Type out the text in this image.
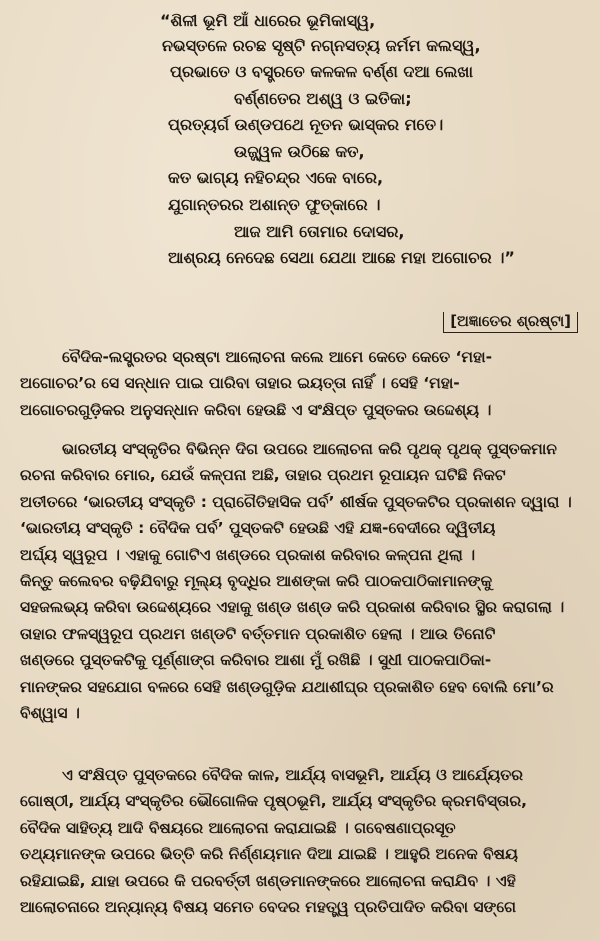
“ଶିଳୀ ଭୂମି ଆଁ ଧାରେର ଭୂମିକାସ୍ୱ,
ନଭସ୍ତଳେ ରଚଛ ସୃଷ୍ଟି ନଗ୍ନସତ୍ୟ ଜର୍ମମ କଲସ୍ୱ,
ପ୍ରଭାତେ ଓ ବସ୍ତ୍ରତେ କଳକଳ ବର୍ଣ୍ଣ ଦଆ ଲେଖା
ବର୍ଣ୍ଣତେର ଅଶ୍ୱ ଓ ଇତିକା;
ପ୍ରତ୍ୟର୍ଗ ଉଣ୍ଡପଥେ ନୂତନ ଭାସ୍କର ମତେ।
ଉଜ୍ଜ୍ୱଳ ଉଠିଛେ କତ,
କତ ଭାଗ୍ୟ ନହିଚନ୍ଦ୍ର ଏକେ ବାରେ,
ଯୁଗାନ୍ତରର ଅଶାନ୍ତ ଫୁତ୍କାରେ ।
ଆଜ ଆମି ତୋମାର ଦୋସର,
ଆଶ୍ରୟ ନେଦେଛ ସେଥା ଯେଥା ଆଛେ ମହା ଅଗୋଚର ।”
[ଅଜ୍ଞାତେର ଶ୍ରଷ୍ଟା]
ବୈଦିକ-ଲସ୍ତ୍ରତର ସ୍ରଷ୍ଟା ଆଲୋଚନା କଲେ ଆମେ କେତେ କେତେ ‘ମହା-
ଅଗୋଚର’ର ସେ ସନ୍ଧାନ ପାଇ ପାରିବା ତାହାର ଇୟତ୍ତା ନାହିଁ । ସେହି ‘ମହା-
ଅଗୋଚରଗୁଡ଼ିକର ଅନୁସନ୍ଧାନ କରିବା ହେଉଛି ଏ ସଂକ୍ଷିପ୍ତ ପୁସ୍ତକର ଉଦ୍ଦେଶ୍ୟ ।
ଭାରତୀୟ ସଂସ୍କୃତିର ବିଭିନ୍ନ ଦିଗ ଉପରେ ଆଲୋଚନା କରି ପୃଥକ୍ ପୃଥକ୍ ପୁସ୍ତକମାନ
ରଚନା କରିବାର ମୋର, ଯେଉଁ କଳ୍ପନା ଅଛି, ତାହାର ପ୍ରଥମ ରୂପାୟନ ଘଟିଛି ନିକଟ
ଅତୀତରେ ‘ଭାରତୀୟ ସଂସ୍କୃତି : ପ୍ରାଗୈତିହାସିକ ପର୍ବ’ ଶୀର୍ଷକ ପୁସ୍ତକଟିର ପ୍ରକାଶନ ଦ୍ୱାରା ।
‘ଭାରତୀୟ ସଂସ୍କୃତି : ବୈଦିକ ପର୍ବ’ ପୁସ୍ତକଟି ହେଉଛି ଏହି ଯଜ୍ଞ-ବେଦୀରେ ଦ୍ୱିତୀୟ
ଅର୍ଘ୍ୟ ସ୍ୱରୂପ । ଏହାକୁ ଗୋଟିଏ ଖଣ୍ଡରେ ପ୍ରକାଶ କରିବାର କଳ୍ପନା ଥିଲା ।
କିନ୍ତୁ କଲେବର ବଢ଼ିଯିବାରୁ ମୂଲ୍ୟ ବୃଦ୍ଧିର ଆଶଙ୍କା କରି ପାଠକପାଠିକାମାନଙ୍କୁ
ସହଜଲଭ୍ୟ କରିବା ଉଦ୍ଦେଶ୍ୟରେ ଏହାକୁ ଖଣ୍ଡ ଖଣ୍ଡ କରି ପ୍ରକାଶ କରିବାର ସ୍ଥିର କରାଗଲା ।
ତାହାର ଫଳସ୍ୱରୂପ ପ୍ରଥମ ଖଣ୍ଡଟି ବର୍ତ୍ତମାନ ପ୍ରକାଶିତ ହେଲା । ଆଉ ତିନୋଟି
ଖଣ୍ଡରେ ପୁସ୍ତକଟିକୁ ପୂର୍ଣ୍ଣାଙ୍ଗ କରିବାର ଆଶା ମୁଁ ରଖିଛି । ସୁଧୀ ପାଠକପାଠିକା-
ମାନଙ୍କର ସହଯୋଗ ବଳରେ ସେହି ଖଣ୍ଡଗୁଡ଼ିକ ଯଥାଶୀଘ୍ର ପ୍ରକାଶିତ ହେବ ବୋଲି ମୋ’ର
ବିଶ୍ୱାସ ।
ଏ ସଂକ୍ଷିପ୍ତ ପୁସ୍ତକରେ ବୈଦିକ କାଳ, ଆର୍ଯ୍ୟ ବାସଭୂମି, ଆର୍ଯ୍ୟ ଓ ଆର୍ଯ୍ୟେତର
ଗୋଷ୍ଠୀ, ଆର୍ଯ୍ୟ ସଂସ୍କୃତିର ଭୌଗୋଳିକ ପୃଷ୍ଠଭୂମି, ଆର୍ଯ୍ୟ ସଂସ୍କୃତିର କ୍ରମବିସ୍ତାର,
ବୈଦିକ ସାହିତ୍ୟ ଆଦି ବିଷୟରେ ଆଲୋଚନା କରାଯାଇଛି । ଗବେଷଣାପ୍ରସୂତ
ତଥ୍ୟମାନଙ୍କ ଉପରେ ଭିତ୍ତି କରି ନିର୍ଣ୍ଣୟମାନ ଦିଆ ଯାଇଛି । ଆହୁରି ଅନେକ ବିଷୟ
ରହିଯାଇଛି, ଯାହା ଉପରେ କି ପରବର୍ତ୍ତୀ ଖଣ୍ଡମାନଙ୍କରେ ଆଲୋଚନା କରାଯିବ । ଏହି
ଆଲୋଚନାରେ ଅନ୍ୟାନ୍ୟ ବିଷୟ ସମେତ ବେଦର ମହତ୍ତ୍ୱ ପ୍ରତିପାଦିତ କରିବା ସଙ୍ଗେ
